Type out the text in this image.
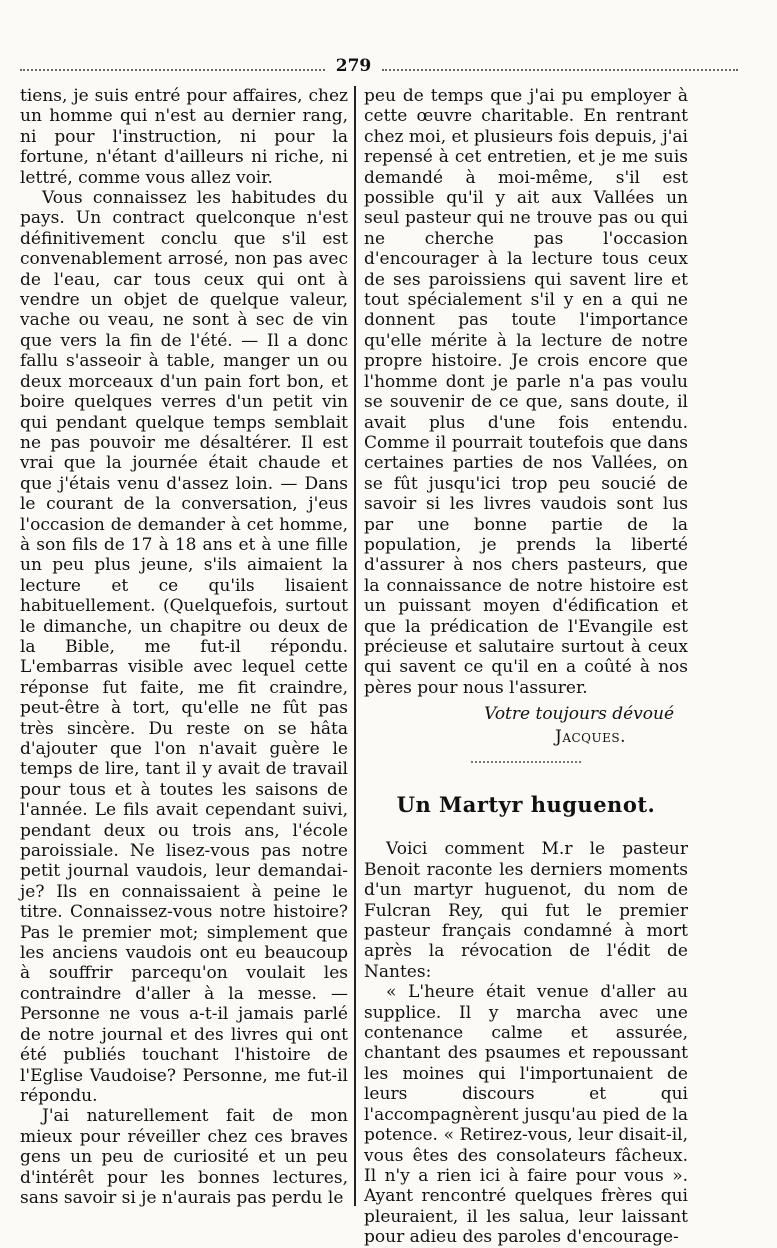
279

tiens, je suis entré pour affaires, chez un homme qui n'est au dernier rang, ni pour l'instruction, ni pour la fortune, n'étant d'ailleurs ni riche, ni lettré, comme vous allez voir.

Vous connaissez les habitudes du pays. Un contract quelconque n'est définitivement conclu que s'il est convenablement arrosé, non pas avec de l'eau, car tous ceux qui ont à vendre un objet de quelque valeur, vache ou veau, ne sont à sec de vin que vers la fin de l'été. — Il a donc fallu s'asseoir à table, manger un ou deux morceaux d'un pain fort bon, et boire quelques verres d'un petit vin qui pendant quelque temps semblait ne pas pouvoir me désaltérer. Il est vrai que la journée était chaude et que j'étais venu d'assez loin. — Dans le courant de la conversation, j'eus l'occasion de demander à cet homme, à son fils de 17 à 18 ans et à une fille un peu plus jeune, s'ils aimaient la lecture et ce qu'ils lisaient habituellement. (Quelquefois, surtout le dimanche, un chapitre ou deux de la Bible, me fut-il répondu. L'embarras visible avec lequel cette réponse fut faite, me fit craindre, peut-être à tort, qu'elle ne fût pas très sincère. Du reste on se hâta d'ajouter que l'on n'avait guère le temps de lire, tant il y avait de travail pour tous et à toutes les saisons de l'année. Le fils avait cependant suivi, pendant deux ou trois ans, l'école paroissiale. Ne lisez-vous pas notre petit journal vaudois, leur demandai-je? Ils en connaissaient à peine le titre. Connaissez-vous notre histoire? Pas le premier mot; simplement que les anciens vaudois ont eu beaucoup à souffrir parcequ'on voulait les contraindre d'aller à la messe. — Personne ne vous a-t-il jamais parlé de notre journal et des livres qui ont été publiés touchant l'histoire de l'Eglise Vaudoise? Personne, me fut-il répondu.

J'ai naturellement fait de mon mieux pour réveiller chez ces braves gens un peu de curiosité et un peu d'intérêt pour les bonnes lectures, sans savoir si je n'aurais pas perdu le

peu de temps que j'ai pu employer à cette œuvre charitable. En rentrant chez moi, et plusieurs fois depuis, j'ai repensé à cet entretien, et je me suis demandé à moi-même, s'il est possible qu'il y ait aux Vallées un seul pasteur qui ne trouve pas ou qui ne cherche pas l'occasion d'encourager à la lecture tous ceux de ses paroissiens qui savent lire et tout spécialement s'il y en a qui ne donnent pas toute l'importance qu'elle mérite à la lecture de notre propre histoire. Je crois encore que l'homme dont je parle n'a pas voulu se souvenir de ce que, sans doute, il avait plus d'une fois entendu. Comme il pourrait toutefois que dans certaines parties de nos Vallées, on se fût jusqu'ici trop peu soucié de savoir si les livres vaudois sont lus par une bonne partie de la population, je prends la liberté d'assurer à nos chers pasteurs, que la connaissance de notre histoire est un puissant moyen d'édification et que la prédication de l'Evangile est précieuse et salutaire surtout à ceux qui savent ce qu'il en a coûté à nos pères pour nous l'assurer.

Votre toujours dévoué
Jacques.
Un Martyr huguenot.

Voici comment M.r le pasteur Benoit raconte les derniers moments d'un martyr huguenot, du nom de Fulcran Rey, qui fut le premier pasteur français condamné à mort après la révocation de l'édit de Nantes:

« L'heure était venue d'aller au supplice. Il y marcha avec une contenance calme et assurée, chantant des psaumes et repoussant les moines qui l'importunaient de leurs discours et qui l'accompagnèrent jusqu'au pied de la potence. « Retirez-vous, leur disait-il, vous êtes des consolateurs fâcheux. Il n'y a rien ici à faire pour vous ». Ayant rencontré quelques frères qui pleuraient, il les salua, leur laissant pour adieu des paroles d'encourage-
